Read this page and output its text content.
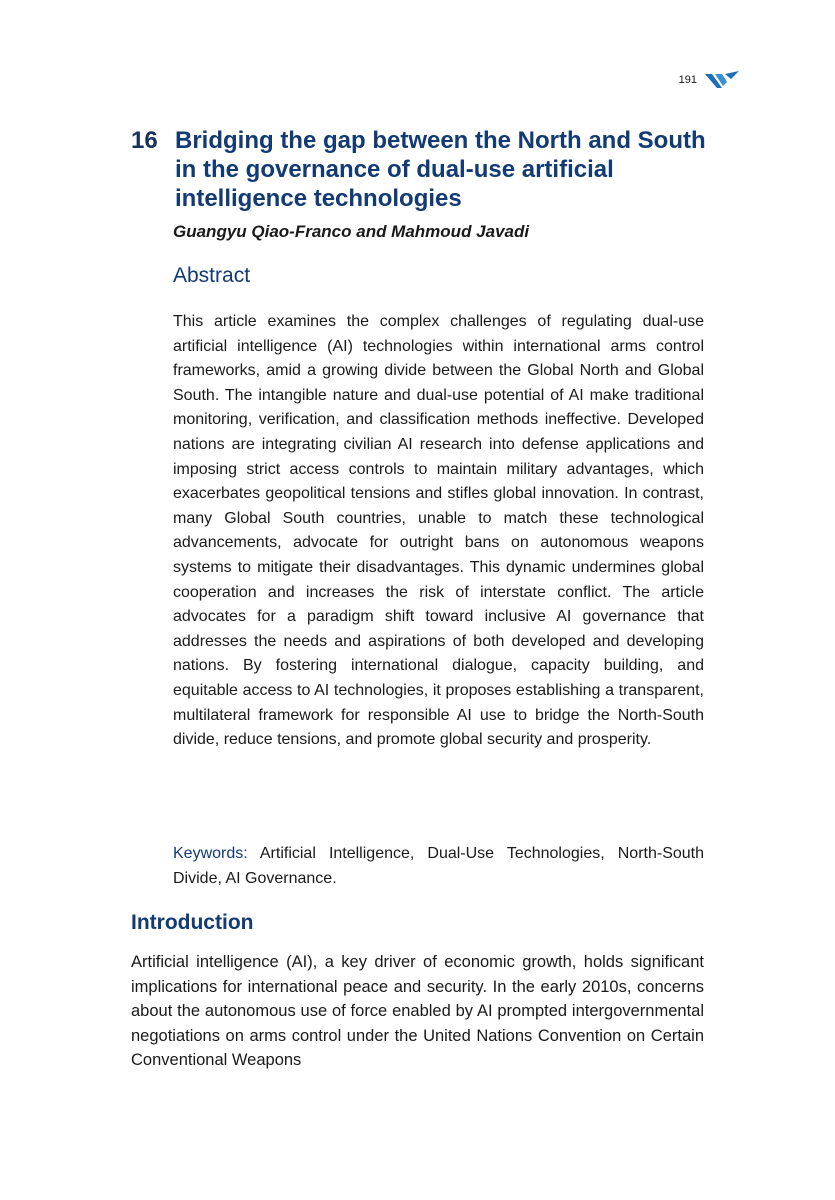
191
16 Bridging the gap between the North and South in the governance of dual-use artificial intelligence technologies
Guangyu Qiao-Franco and Mahmoud Javadi
Abstract

This article examines the complex challenges of regulating dual-use artificial intelligence (AI) technologies within international arms control frameworks, amid a growing divide between the Global North and Global South. The intangible nature and dual-use potential of AI make traditional monitoring, verification, and classification methods ineffective. Developed nations are integrating civilian AI research into defense applications and imposing strict access controls to maintain military advantages, which exacerbates geopolitical tensions and stifles global innovation. In contrast, many Global South countries, unable to match these technological advancements, advocate for outright bans on autonomous weapons systems to mitigate their disadvantages. This dynamic undermines global cooperation and increases the risk of interstate conflict. The article advocates for a paradigm shift toward inclusive AI governance that addresses the needs and aspirations of both developed and developing nations. By fostering international dialogue, capacity building, and equitable access to AI technologies, it proposes establishing a transparent, multilateral framework for responsible AI use to bridge the North-South divide, reduce tensions, and promote global security and prosperity.

Keywords: Artificial Intelligence, Dual-Use Technologies, North-South Divide, AI Governance.

Introduction

Artificial intelligence (AI), a key driver of economic growth, holds significant implications for international peace and security. In the early 2010s, concerns about the autonomous use of force enabled by AI prompted intergovernmental negotiations on arms control under the United Nations Convention on Certain Conventional Weapons
